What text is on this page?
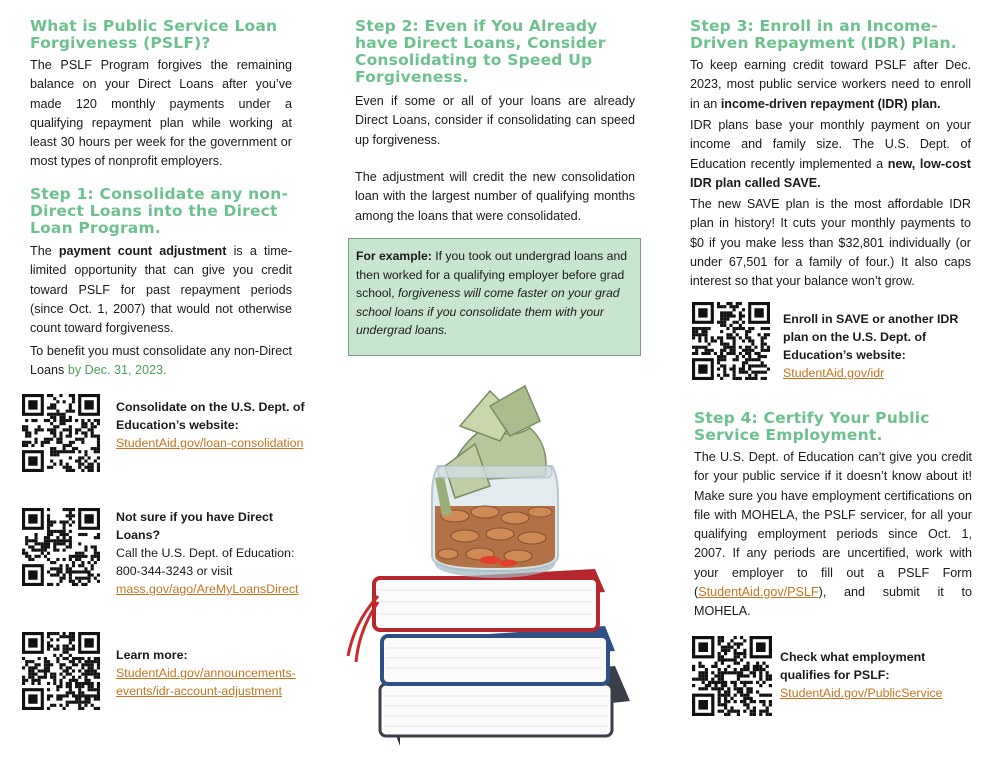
What is Public Service Loan Forgiveness (PSLF)?

The PSLF Program forgives the remaining balance on your Direct Loans after you’ve made 120 monthly payments under a qualifying repayment plan while working at least 30 hours per week for the government or most types of nonprofit employers.

Step 1: Consolidate any non-Direct Loans into the Direct Loan Program.

The payment count adjustment is a time-limited opportunity that can give you credit toward PSLF for past repayment periods (since Oct. 1, 2007) that would not otherwise count toward forgiveness.

To benefit you must consolidate any non-Direct Loans by Dec. 31, 2023.

Consolidate on the U.S. Dept. of Education’s website:
StudentAid.gov/loan-consolidation
Not sure if you have Direct Loans?
Call the U.S. Dept. of Education: 800-344-3243 or visit
mass.gov/ago/AreMyLoansDirect
Learn more:
StudentAid.gov/announcements-events/idr-account-adjustment
Step 2: Even if You Already have Direct Loans, Consider Consolidating to Speed Up Forgiveness.

Even if some or all of your loans are already Direct Loans, consider if consolidating can speed up forgiveness.

The adjustment will credit the new consolidation loan with the largest number of qualifying months among the loans that were consolidated.

For example: If you took out undergrad loans and then worked for a qualifying employer before grad school, forgiveness will come faster on your grad school loans if you consolidate them with your undergrad loans.
Step 3: Enroll in an Income-Driven Repayment (IDR) Plan.

To keep earning credit toward PSLF after Dec. 2023, most public service workers need to enroll in an income-driven repayment (IDR) plan.

IDR plans base your monthly payment on your income and family size. The U.S. Dept. of Education recently implemented a new, low-cost IDR plan called SAVE.

The new SAVE plan is the most affordable IDR plan in history! It cuts your monthly payments to $0 if you make less than $32,801 individually (or under 67,501 for a family of four.) It also caps interest so that your balance won’t grow.

Enroll in SAVE or another IDR plan on the U.S. Dept. of Education’s website:
StudentAid.gov/idr
Step 4: Certify Your Public Service Employment.

The U.S. Dept. of Education can’t give you credit for your public service if it doesn’t know about it! Make sure you have employment certifications on file with MOHELA, the PSLF servicer, for all your qualifying employment periods since Oct. 1, 2007. If any periods are uncertified, work with your employer to fill out a PSLF Form (StudentAid.gov/PSLF), and submit it to MOHELA.

Check what employment qualifies for PSLF:
StudentAid.gov/PublicService
